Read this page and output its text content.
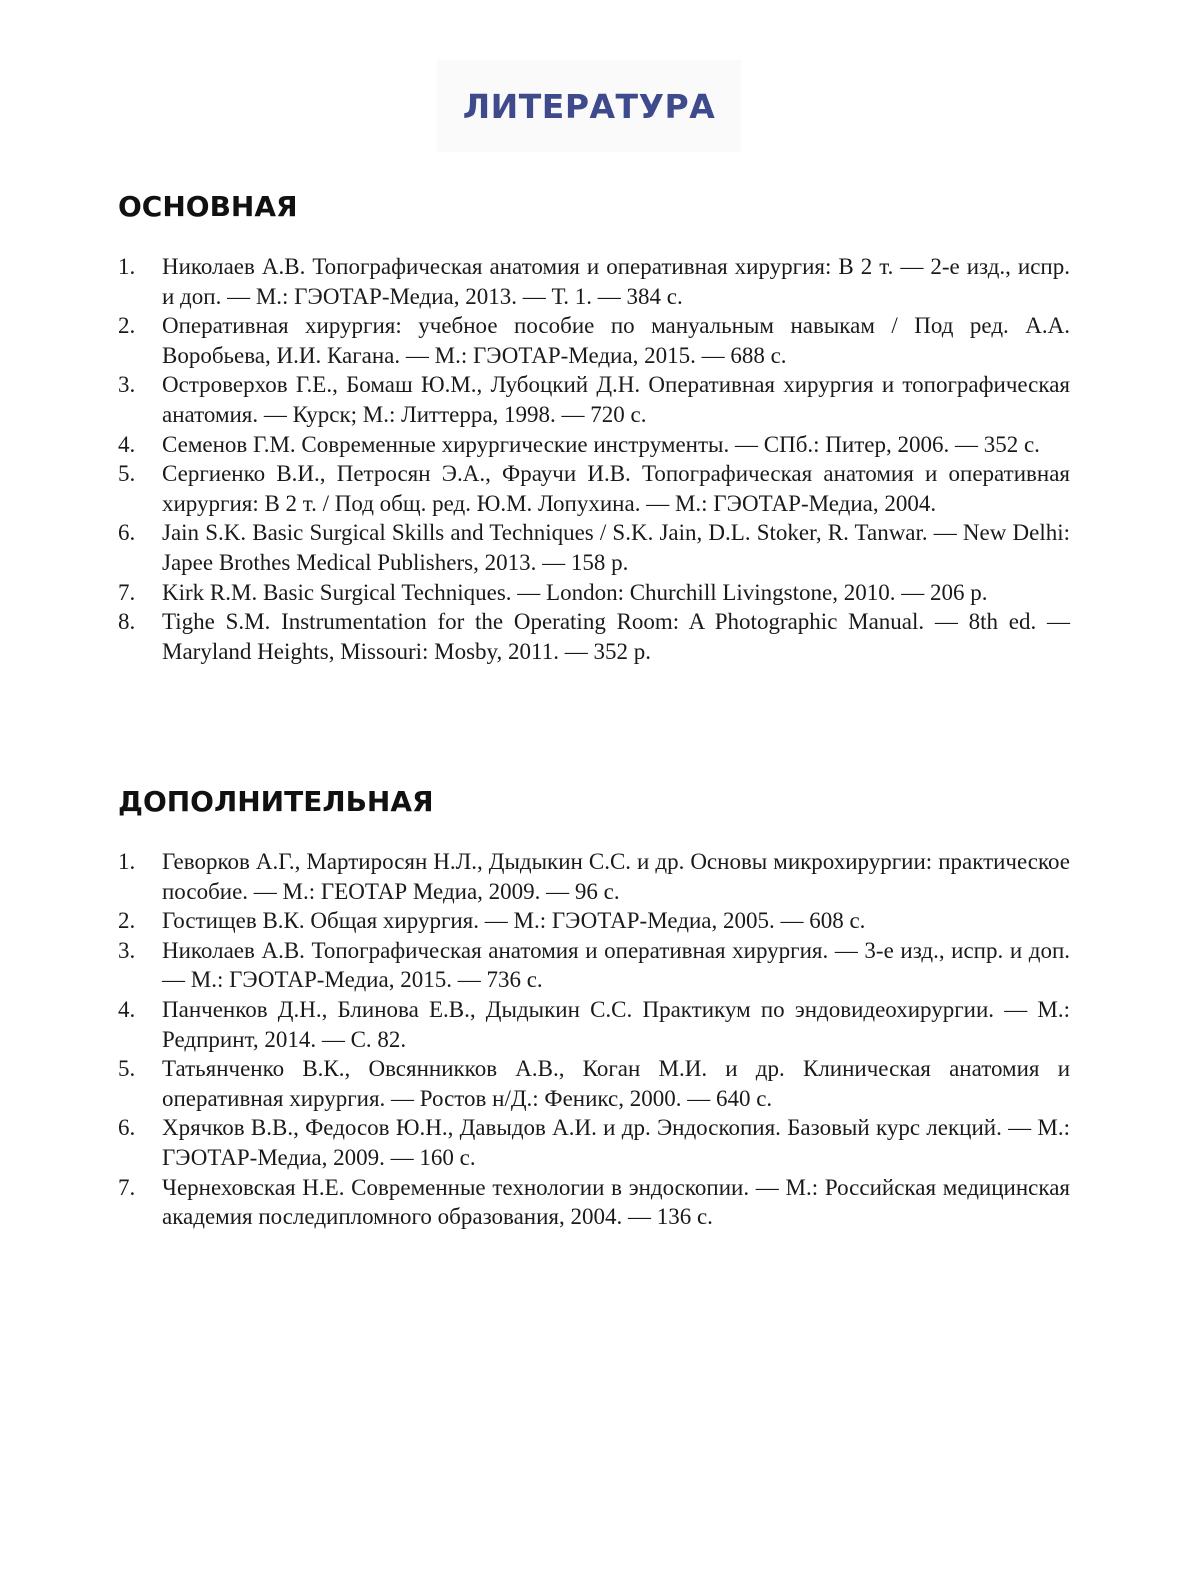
ЛИТЕРАТУРА
ОСНОВНАЯ
1. Николаев А.В. Топографическая анатомия и оперативная хирургия: В 2 т. — 2-е изд., испр. и доп. — М.: ГЭОТАР-Медиа, 2013. — Т. 1. — 384 с.
2. Оперативная хирургия: учебное пособие по мануальным навыкам / Под ред. А.А. Воробьева, И.И. Кагана. — М.: ГЭОТАР-Медиа, 2015. — 688 с.
3. Островерхов Г.Е., Бомаш Ю.М., Лубоцкий Д.Н. Оперативная хирургия и топографическая анатомия. — Курск; М.: Литтерра, 1998. — 720 с.
4. Семенов Г.М. Современные хирургические инструменты. — СПб.: Питер, 2006. — 352 с.
5. Сергиенко В.И., Петросян Э.А., Фраучи И.В. Топографическая анатомия и оперативная хирургия: В 2 т. / Под общ. ред. Ю.М. Лопухина. — М.: ГЭОТАР-Медиа, 2004.
6. Jain S.K. Basic Surgical Skills and Techniques / S.K. Jain, D.L. Stoker, R. Tanwar. — New Delhi: Japee Brothes Medical Publishers, 2013. — 158 p.
7. Kirk R.M. Basic Surgical Techniques. — London: Churchill Livingstone, 2010. — 206 p.
8. Tighe S.M. Instrumentation for the Operating Room: A Photographic Manual. — 8th ed. — Maryland Heights, Missouri: Mosby, 2011. — 352 p.
ДОПОЛНИТЕЛЬНАЯ
1. Геворков А.Г., Мартиросян Н.Л., Дыдыкин С.С. и др. Основы микрохирургии: практическое пособие. — М.: ГЕОТАР Медиа, 2009. — 96 с.
2. Гостищев В.К. Общая хирургия. — М.: ГЭОТАР-Медиа, 2005. — 608 с.
3. Николаев А.В. Топографическая анатомия и оперативная хирургия. — 3-е изд., испр. и доп. — М.: ГЭОТАР-Медиа, 2015. — 736 с.
4. Панченков Д.Н., Блинова Е.В., Дыдыкин С.С. Практикум по эндовидеохирургии. — М.: Редпринт, 2014. — С. 82.
5. Татьянченко В.К., Овсянникков А.В., Коган М.И. и др. Клиническая анатомия и оперативная хирургия. — Ростов н/Д.: Феникс, 2000. — 640 с.
6. Хрячков В.В., Федосов Ю.Н., Давыдов А.И. и др. Эндоскопия. Базовый курс лекций. — М.: ГЭОТАР-Медиа, 2009. — 160 с.
7. Чернеховская Н.Е. Современные технологии в эндоскопии. — М.: Российская медицинская академия последипломного образования, 2004. — 136 с.
